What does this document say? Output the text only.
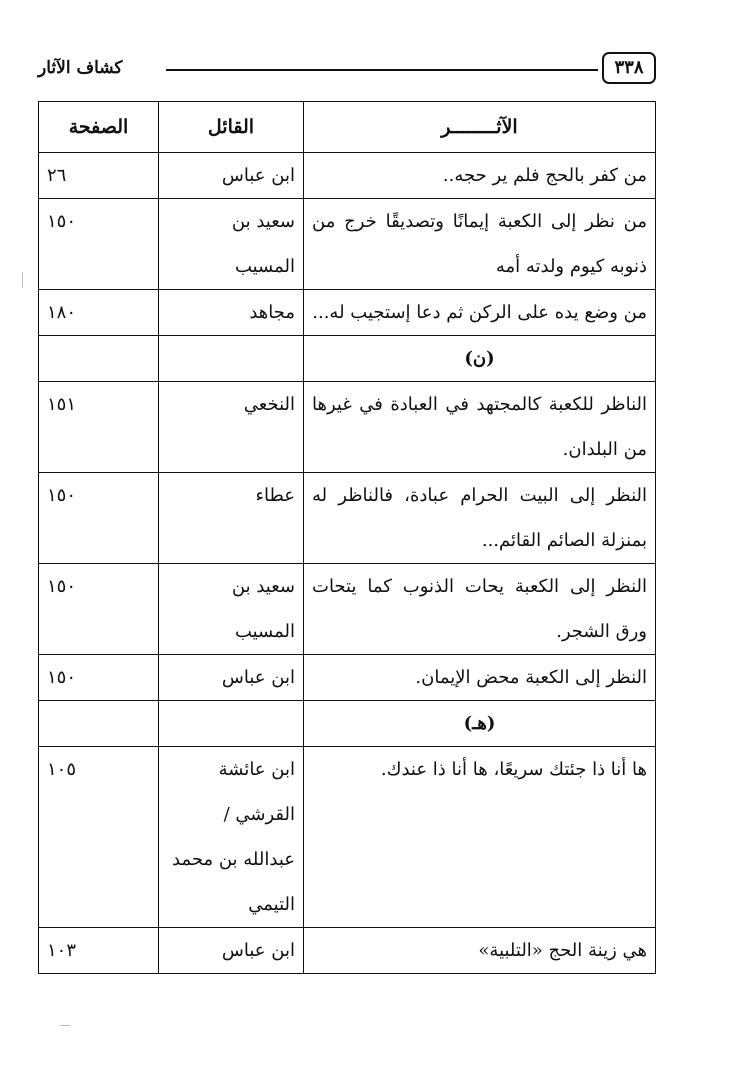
كشاف الآثار	٣٣٨
الآثــــــــر	القائل	الصفحة
من كفر بالحج فلم ير حجه..	ابن عباس	٢٦
من نظر إلى الكعبة إيمانًا وتصديقًا خرج من ذنوبه كيوم ولدته أمه	سعيد بن المسيب	١٥٠
من وضع يده على الركن ثم دعا إستجيب له...	مجاهد	١٨٠
(ن)		
الناظر للكعبة كالمجتهد في العبادة في غيرها من البلدان.	النخعي	١٥١
النظر إلى البيت الحرام عبادة، فالناظر له بمنزلة الصائم القائم...	عطاء	١٥٠
النظر إلى الكعبة يحات الذنوب كما يتحات ورق الشجر.	سعيد بن المسيب	١٥٠
النظر إلى الكعبة محض الإيمان.	ابن عباس	١٥٠
(هـ)		
ها أنا ذا جئتك سريعًا، ها أنا ذا عندك.	ابن عائشة القرشي / عبدالله بن محمد التيمي	١٠٥
هي زينة الحج «التلبية»	ابن عباس	١٠٣
